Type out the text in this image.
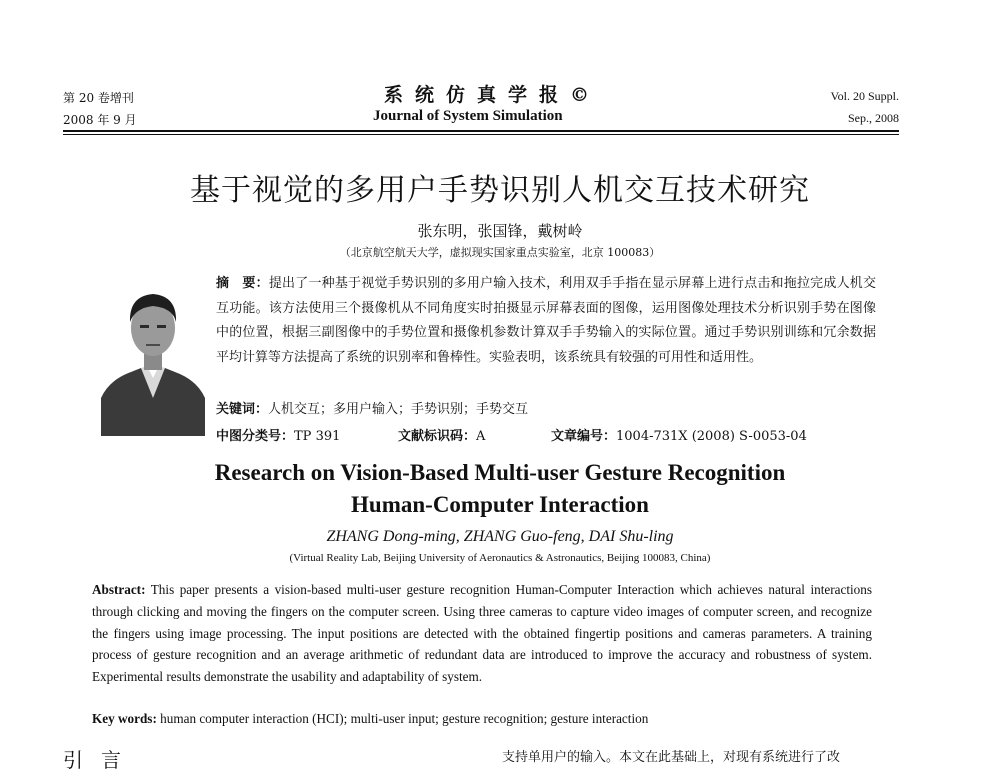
第 20 卷增刊
2008 年 9 月
系统仿真学报©
Journal of System Simulation
Vol. 20 Suppl.
Sep., 2008
基于视觉的多用户手势识别人机交互技术研究
张东明，张国锋，戴树岭
（北京航空航天大学，虚拟现实国家重点实验室，北京 100083）
摘　要：提出了一种基于视觉手势识别的多用户输入技术，利用双手手指在显示屏幕上进行点击和拖拉完成人机交互功能。该方法使用三个摄像机从不同角度实时拍摄显示屏幕表面的图像，运用图像处理技术分析识别手势在图像中的位置，根据三副图像中的手势位置和摄像机参数计算双手手势输入的实际位置。通过手势识别训练和冗余数据平均计算等方法提高了系统的识别率和鲁棒性。实验表明，该系统具有较强的可用性和适用性。
关键词：人机交互；多用户输入；手势识别；手势交互
中图分类号：TP 391	文献标识码：A	文章编号：1004-731X (2008) S-0053-04
Research on Vision-Based Multi-user Gesture Recognition
Human-Computer Interaction
ZHANG Dong-ming, ZHANG Guo-feng, DAI Shu-ling
(Virtual Reality Lab, Beijing University of Aeronautics & Astronautics, Beijing 100083, China)
Abstract: This paper presents a vision-based multi-user gesture recognition Human-Computer Interaction which achieves natural interactions through clicking and moving the fingers on the computer screen. Using three cameras to capture video images of computer screen, and recognize the fingers using image processing. The input positions are detected with the obtained fingertip positions and cameras parameters. A training process of gesture recognition and an average arithmetic of redundant data are introduced to improve the accuracy and robustness of system. Experimental results demonstrate the usability and adaptability of system.
Key words: human computer interaction (HCI); multi-user input; gesture recognition; gesture interaction
引言	支持单用户的输入。本文在此基础上，对现有系统进行了改
